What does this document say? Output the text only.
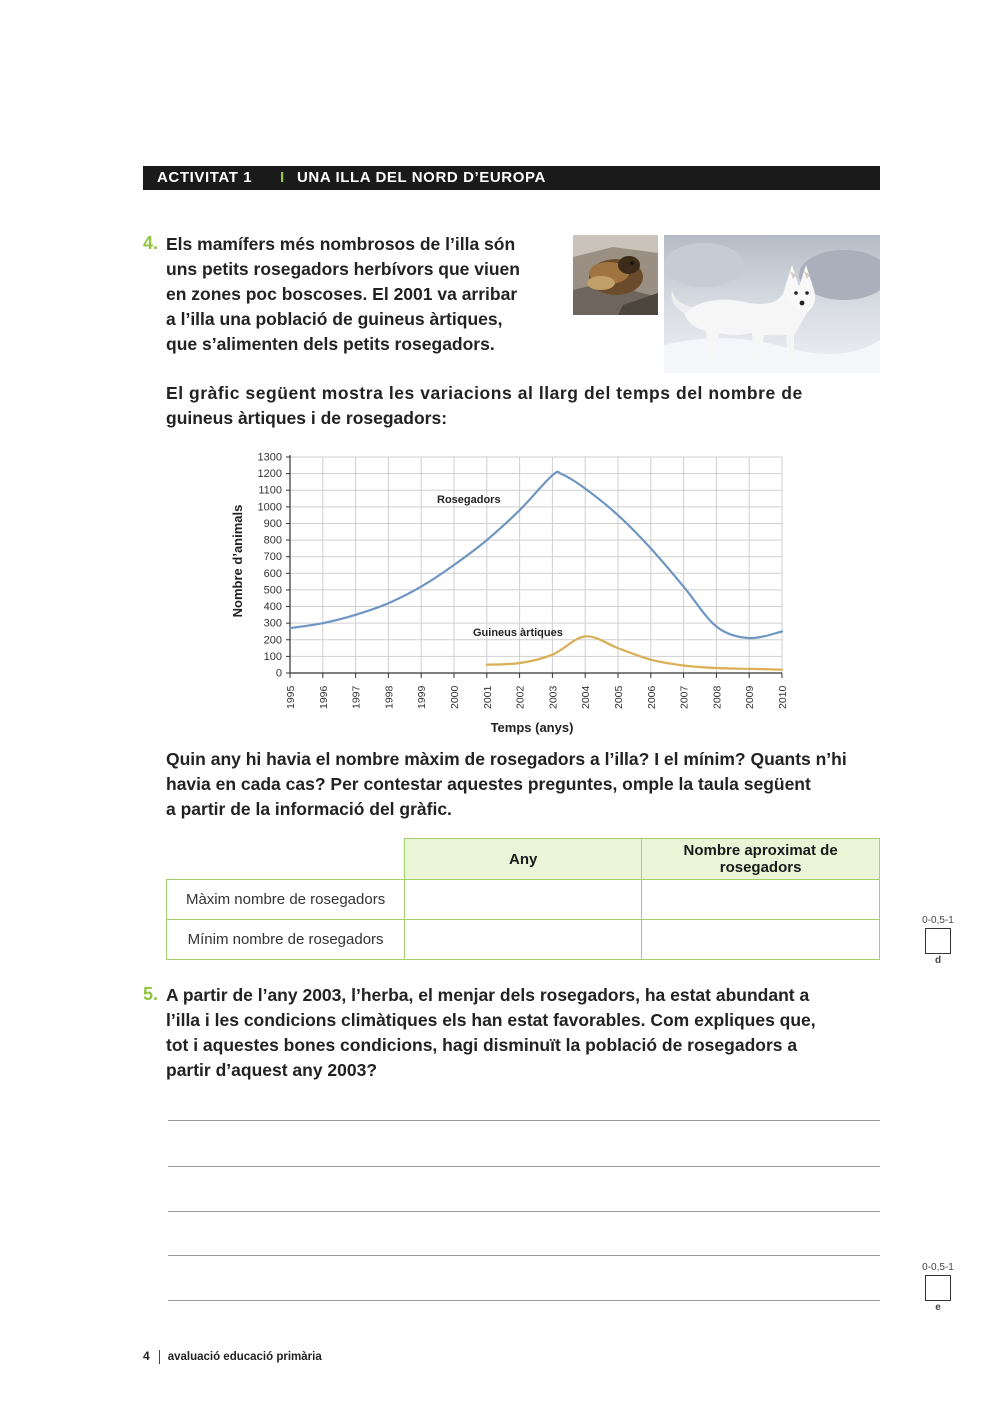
ACTIVITAT 1 I UNA ILLA DEL NORD D’EUROPA
4. Els mamífers més nombrosos de l’illa són
uns petits rosegadors herbívors que viuen
en zones poc boscoses. El 2001 va arribar
a l’illa una població de guineus àrtiques,
que s’alimenten dels petits rosegadors.
El gràfic següent mostra les variacions al llarg del temps del nombre de
guineus àrtiques i de rosegadors:
0
100
200
300
400
500
600
700
800
900
1000
1100
1200
1300
1995 1996 1997 1998 1999 2000 2001 2002 2003 2004 2005 2006 2007 2008 2009 2010
Rosegadors
Guineus àrtiques
Temps (anys)
Nombre d’animals
Quin any hi havia el nombre màxim de rosegadors a l’illa? I el mínim? Quants n’hi
havia en cada cas? Per contestar aquestes preguntes, omple la taula següent
a partir de la informació del gràfic.
	Any	Nombre aproximat de
rosegadors

Màxim nombre de rosegadors		
Mínim nombre de rosegadors		
0-0,5-1
d
5. A partir de l’any 2003, l’herba, el menjar dels rosegadors, ha estat abundant a
l’illa i les condicions climàtiques els han estat favorables. Com expliques que,
tot i aquestes bones condicions, hagi disminuït la població de rosegadors a
partir d’aquest any 2003?
0-0,5-1
e
4 avaluació educació primària
